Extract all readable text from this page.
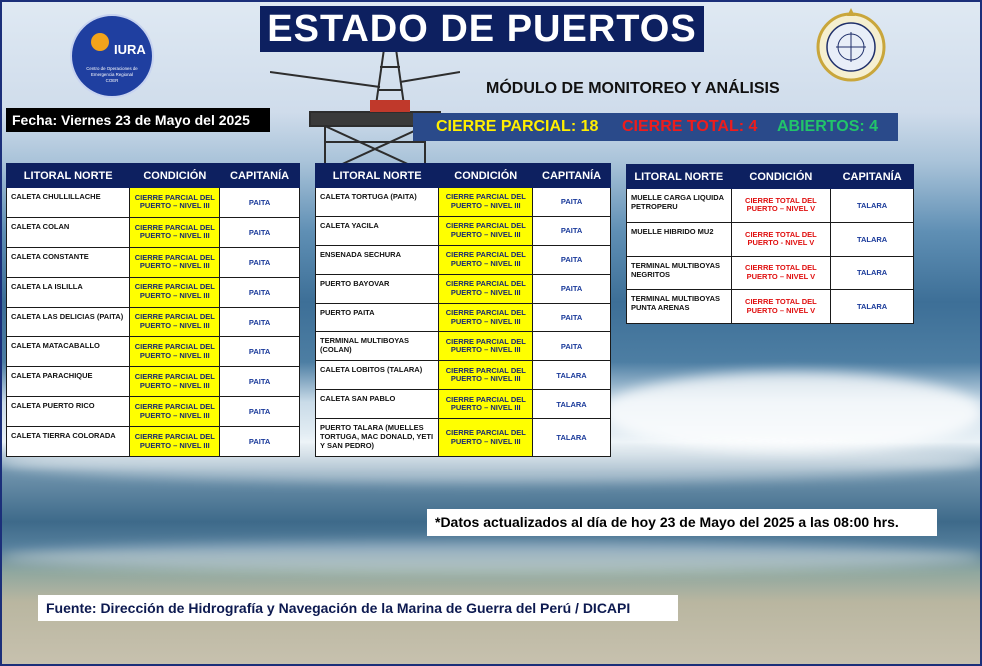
IURA
Centro de Operaciones de
Emergencia Regional
COER
ESTADO DE PUERTOS
MÓDULO DE MONITOREO Y ANÁLISIS
Fecha: Viernes 23 de Mayo del 2025	CIERRE PARCIAL: 18 CIERRE TOTAL: 4 ABIERTOS: 4
LITORAL NORTE	CONDICIÓN	CAPITANÍA
CALETA CHULLILLACHE	CIERRE PARCIAL DEL PUERTO – NIVEL III	PAITA
CALETA COLAN	CIERRE PARCIAL DEL PUERTO – NIVEL III	PAITA
CALETA CONSTANTE	CIERRE PARCIAL DEL PUERTO – NIVEL III	PAITA
CALETA LA ISLILLA	CIERRE PARCIAL DEL PUERTO – NIVEL III	PAITA
CALETA LAS DELICIAS (PAITA)	CIERRE PARCIAL DEL PUERTO – NIVEL III	PAITA
CALETA MATACABALLO	CIERRE PARCIAL DEL PUERTO – NIVEL III	PAITA
CALETA PARACHIQUE	CIERRE PARCIAL DEL PUERTO – NIVEL III	PAITA
CALETA PUERTO RICO	CIERRE PARCIAL DEL PUERTO – NIVEL III	PAITA
CALETA TIERRA COLORADA	CIERRE PARCIAL DEL PUERTO – NIVEL III	PAITA
LITORAL NORTE	CONDICIÓN	CAPITANÍA
CALETA TORTUGA (PAITA)	CIERRE PARCIAL DEL PUERTO – NIVEL III	PAITA
CALETA YACILA	CIERRE PARCIAL DEL PUERTO – NIVEL III	PAITA
ENSENADA SECHURA	CIERRE PARCIAL DEL PUERTO – NIVEL III	PAITA
PUERTO BAYOVAR	CIERRE PARCIAL DEL PUERTO – NIVEL III	PAITA
PUERTO PAITA	CIERRE PARCIAL DEL PUERTO – NIVEL III	PAITA
TERMINAL MULTIBOYAS (COLAN)	CIERRE PARCIAL DEL PUERTO – NIVEL III	PAITA
CALETA LOBITOS (TALARA)	CIERRE PARCIAL DEL PUERTO – NIVEL III	TALARA
CALETA SAN PABLO	CIERRE PARCIAL DEL PUERTO – NIVEL III	TALARA
PUERTO TALARA (MUELLES TORTUGA, MAC DONALD, YETI Y SAN PEDRO)	CIERRE PARCIAL DEL PUERTO – NIVEL III	TALARA
LITORAL NORTE	CONDICIÓN	CAPITANÍA
MUELLE CARGA LIQUIDA PETROPERU	CIERRE TOTAL DEL PUERTO – NIVEL V	TALARA
MUELLE HIBRIDO MU2	CIERRE TOTAL DEL PUERTO - NIVEL V	TALARA
TERMINAL MULTIBOYAS NEGRITOS	CIERRE TOTAL DEL PUERTO – NIVEL V	TALARA
TERMINAL MULTIBOYAS PUNTA ARENAS	CIERRE TOTAL DEL PUERTO – NIVEL V	TALARA
*Datos actualizados al día de hoy 23 de Mayo del 2025 a las 08:00 hrs.
Fuente: Dirección de Hidrografía y Navegación de la Marina de Guerra del Perú / DICAPI
